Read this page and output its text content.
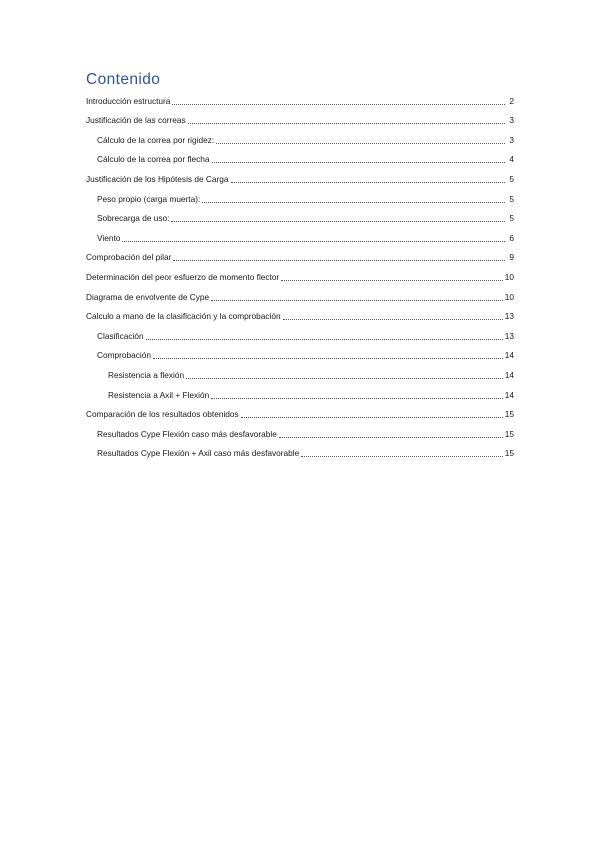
Contenido
Introducción estructura	2
Justificación de las correas	3
Cálculo de la correa por rigidez:	3
Cálculo de la correa por flecha	4
Justificación de los Hipótesis de Carga	5
Peso propio (carga muerta):	5
Sobrecarga de uso:	5
Viento	6
Comprobación del pilar	9
Determinación del peor esfuerzo de momento flector	10
Diagrama de envolvente de Cype	10
Calculo a mano de la clasificación y la comprobación	13
Clasificación	13
Comprobación	14
Resistencia a flexión	14
Resistencia a Axil + Flexión	14
Comparación de los resultados obtenidos	15
Resultados Cype Flexión caso más desfavorable	15
Resultados Cype Flexión + Axil caso más desfavorable	15
